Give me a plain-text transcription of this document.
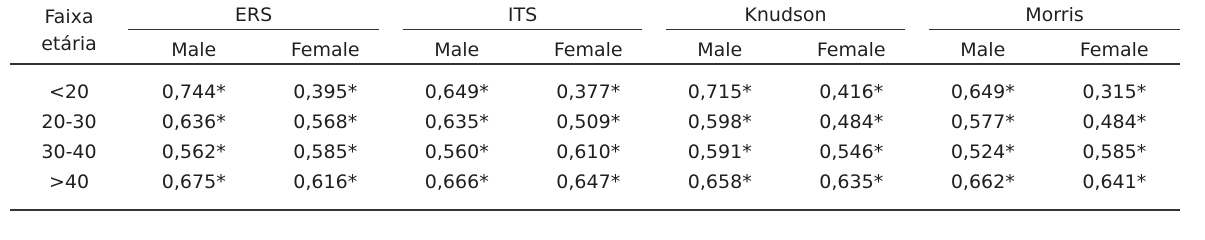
Faixa
etária	ERS		ITS		Knudson		Morris	

	Male	Female	Male	Female	Male	Female	Male	Female
<20	0,744*	0,395*	0,649*	0,377*	0,715*	0,416*	0,649*	0,315*
20-30	0,636*	0,568*	0,635*	0,509*	0,598*	0,484*	0,577*	0,484*
30-40	0,562*	0,585*	0,560*	0,610*	0,591*	0,546*	0,524*	0,585*
>40	0,675*	0,616*	0,666*	0,647*	0,658*	0,635*	0,662*	0,641*
